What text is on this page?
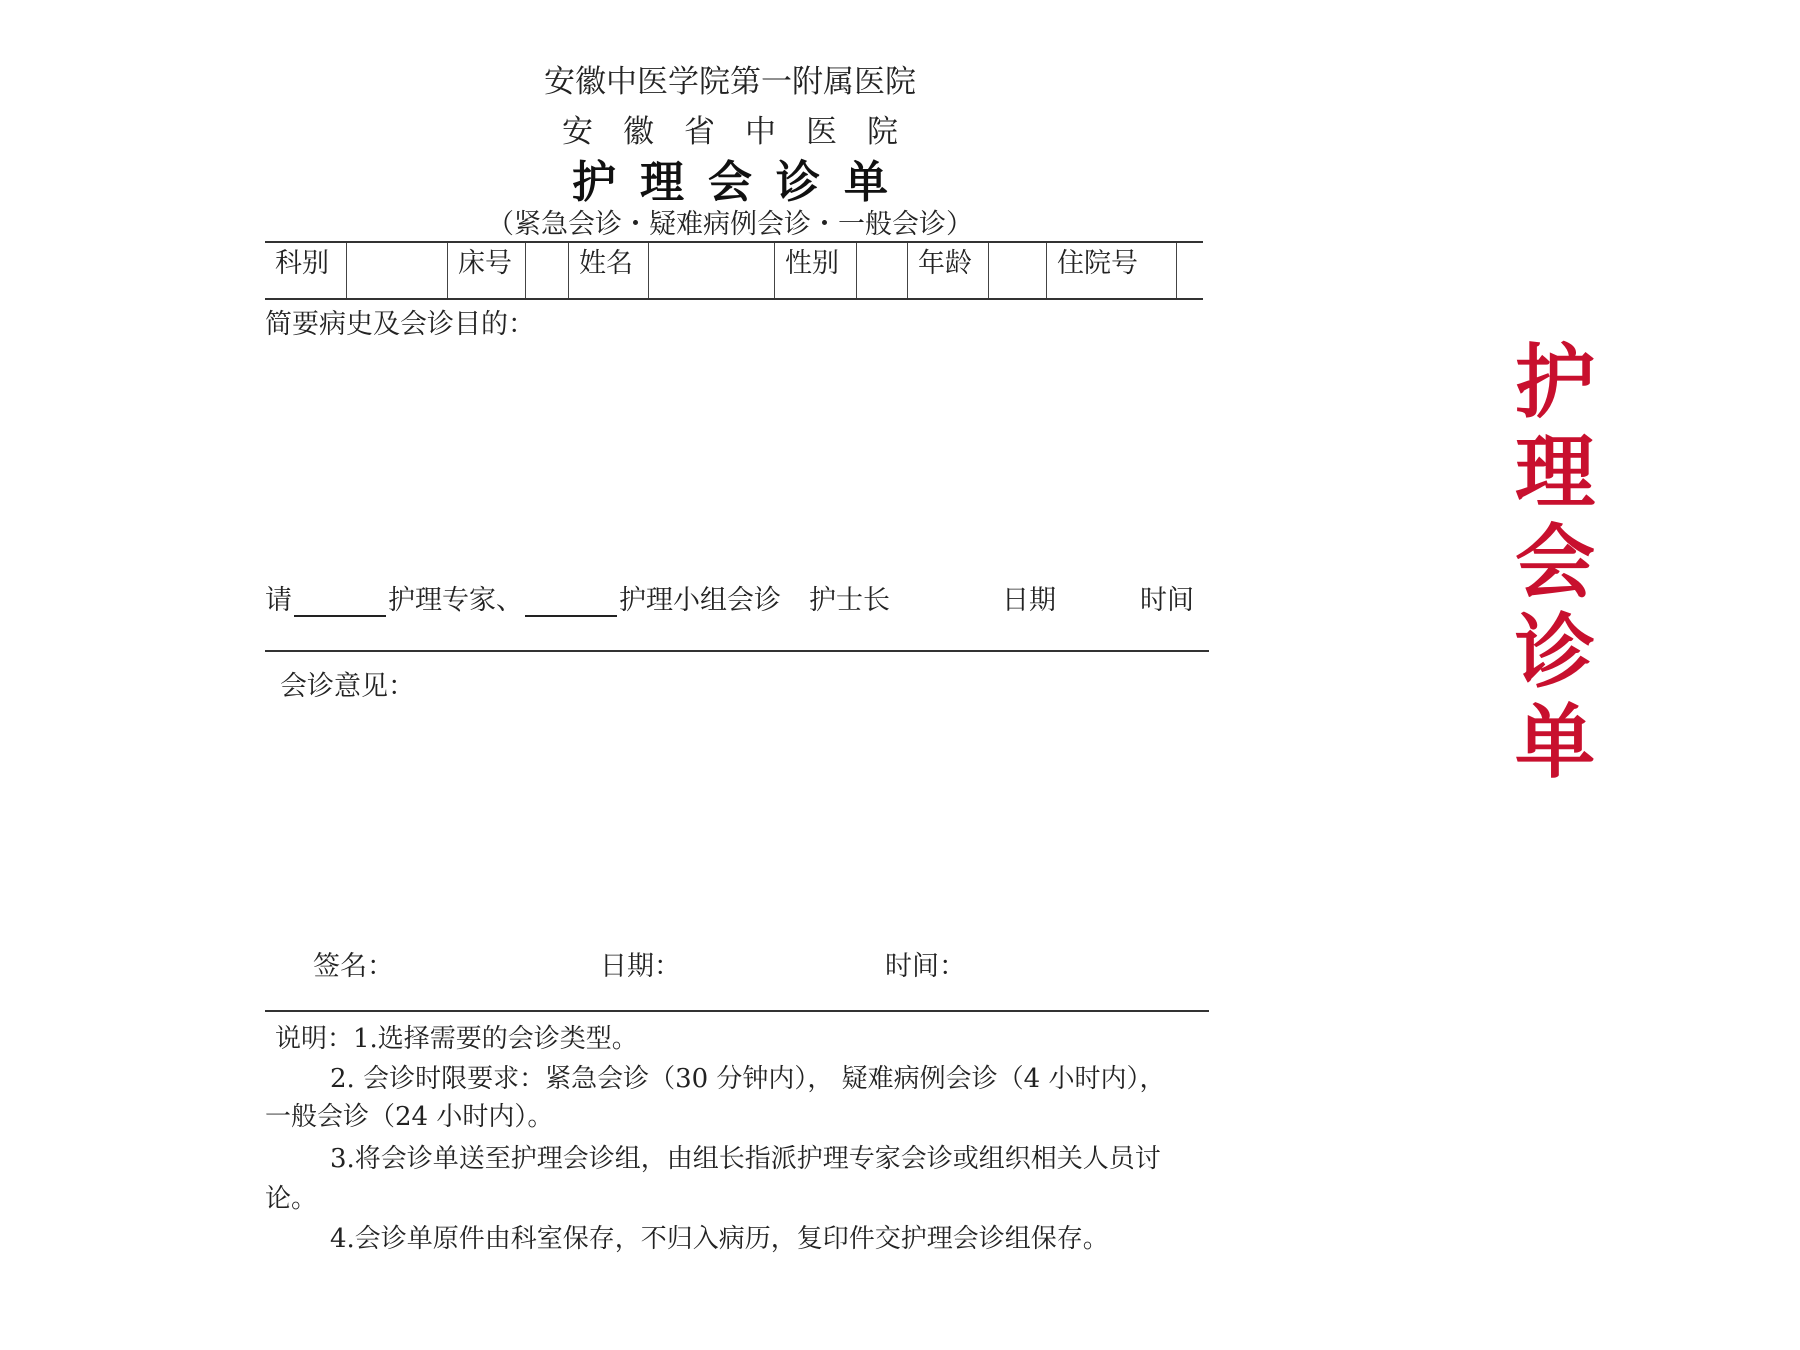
安徽中医学院第一附属医院
安徽省中医院
护理会诊单
（紧急会诊・疑难病例会诊・一般会诊）
科别	床号	姓名	性别	年龄	住院号
简要病史及会诊目的：
请	护理专家、	护理小组会诊 护士长	日期	时间
会诊意见：
签名：	日期：	时间：
说明：1.选择需要的会诊类型。
2. 会诊时限要求：紧急会诊（30 分钟内）， 疑难病例会诊（4 小时内），
一般会诊（24 小时内）。
3.将会诊单送至护理会诊组，由组长指派护理专家会诊或组织相关人员讨
论。
4.会诊单原件由科室保存，不归入病历，复印件交护理会诊组保存。
护
理
会
诊
单
